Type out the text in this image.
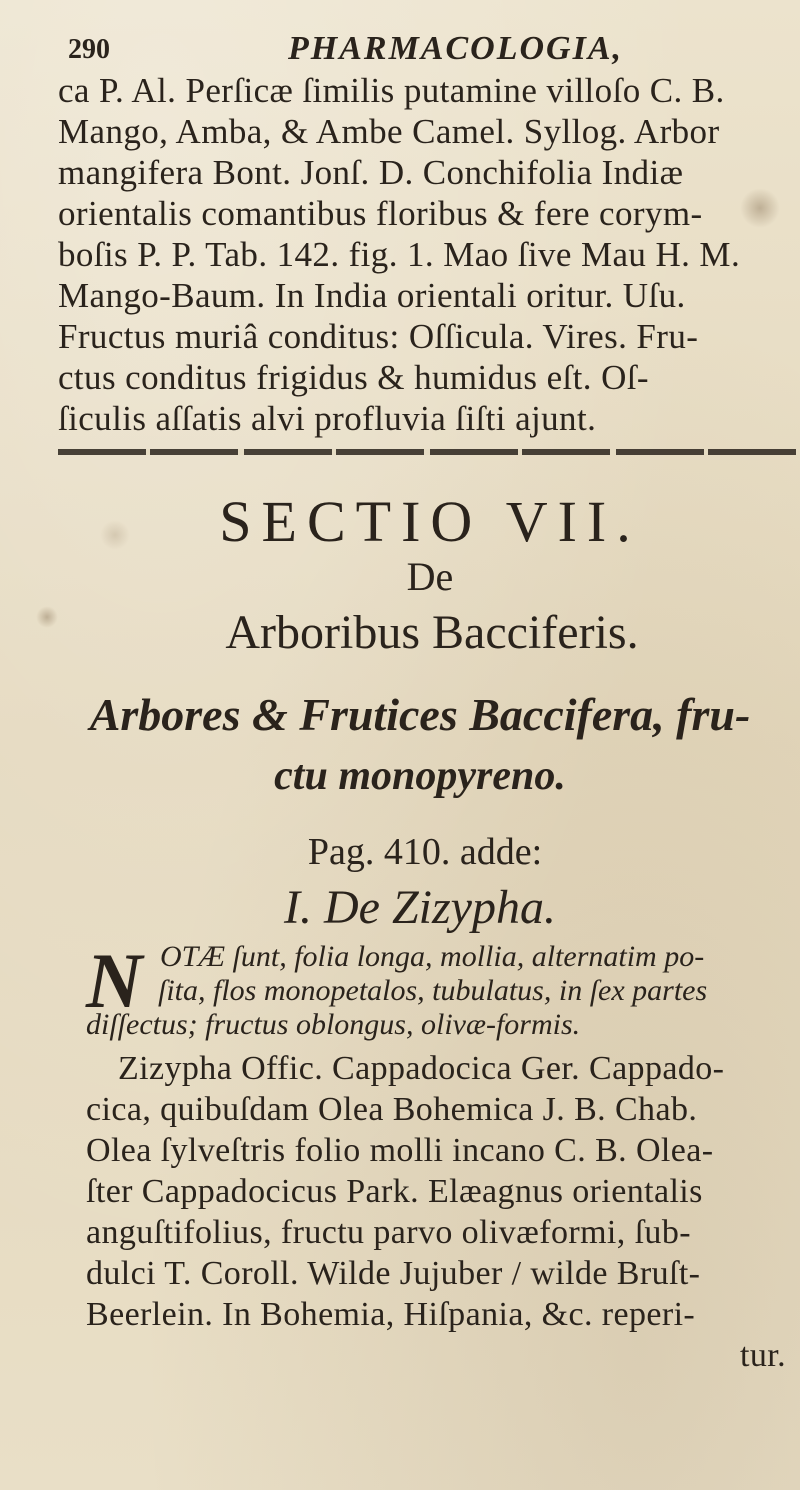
290	PHARMACOLOGIA,
ca P. Al. Perſicæ ſimilis putamine villoſo C. B.
Mango, Amba, & Ambe Camel. Syllog. Arbor
mangifera Bont. Jonſ. D. Conchifolia Indiæ
orientalis comantibus floribus & fere corym-
boſis P. P. Tab. 142. fig. 1. Mao ſive Mau H. M.
Mango-Baum. In India orientali oritur. Uſu.
Fructus muriâ conditus: Oſſicula. Vires. Fru-
ctus conditus frigidus & humidus eſt. Oſ-
ſiculis aſſatis alvi profluvia ſiſti ajunt.
SECTIO VII.
De
Arboribus Bacciferis.
Arbores & Frutices Baccifera, fru-
ctu monopyreno.
Pag. 410. adde:
I. De Zizypha.
N OTÆ ſunt, folia longa, mollia, alternatim po-
ſita, flos monopetalos, tubulatus, in ſex partes
diſſectus; fructus oblongus, olivæ-formis.
Zizypha Offic. Cappadocica Ger. Cappado-
cica, quibuſdam Olea Bohemica J. B. Chab.
Olea ſylveſtris folio molli incano C. B. Olea-
ſter Cappadocicus Park. Elæagnus orientalis
anguſtifolius, fructu parvo olivæformi, ſub-
dulci T. Coroll. Wilde Jujuber / wilde Bruſt-
Beerlein. In Bohemia, Hiſpania, &c. reperi-
tur.
